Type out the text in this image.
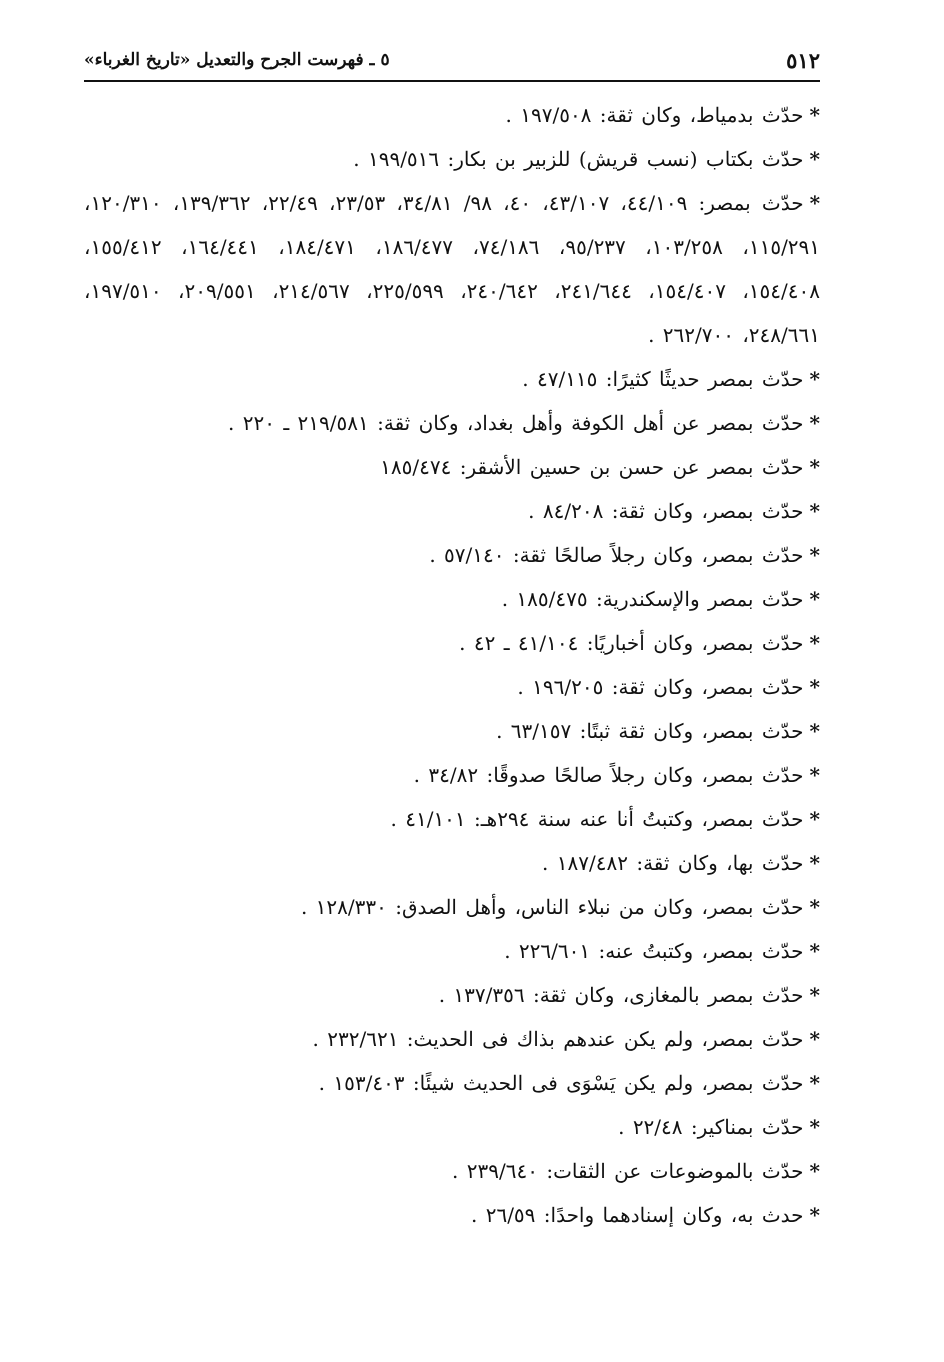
٥١٢
٥ ـ فهرست الجرح والتعديل «تاريخ الغرباء»
*حدّث بدمياط، وكان ثقة: ١٩٧/٥٠٨ .
*حدّث بكتاب (نسب قريش) للزبير بن بكار: ١٩٩/٥١٦ .
*حدّث بمصر: ٤٤/١٠٩، ٤٣/١٠٧، ٤٠، ٩٨/ ٣٤/٨١، ٢٣/٥٣، ٢٢/٤٩، ١٣٩/٣٦٢، ١٢٠/٣١٠، ١١٥/٢٩١، ١٠٣/٢٥٨، ٩٥/٢٣٧، ٧٤/١٨٦، ١٨٦/٤٧٧، ١٨٤/٤٧١، ١٦٤/٤٤١، ١٥٥/٤١٢، ١٥٤/٤٠٨، ١٥٤/٤٠٧، ٢٤١/٦٤٤، ٢٤٠/٦٤٢، ٢٢٥/٥٩٩، ٢١٤/٥٦٧، ٢٠٩/٥٥١، ١٩٧/٥١٠، ٢٤٨/٦٦١، ٢٦٢/٧٠٠ .
*حدّث بمصر حديثًا كثيرًا: ٤٧/١١٥ .
*حدّث بمصر عن أهل الكوفة وأهل بغداد، وكان ثقة: ٢١٩/٥٨١ ـ ٢٢٠ .
*حدّث بمصر عن حسن بن حسين الأشقر: ١٨٥/٤٧٤
*حدّث بمصر، وكان ثقة: ٨٤/٢٠٨ .
*حدّث بمصر، وكان رجلاً صالحًا ثقة: ٥٧/١٤٠ .
*حدّث بمصر والإسكندرية: ١٨٥/٤٧٥ .
*حدّث بمصر، وكان أخباريًا: ٤١/١٠٤ ـ ٤٢ .
*حدّث بمصر، وكان ثقة: ١٩٦/٢٠٥ .
*حدّث بمصر، وكان ثقة ثبتًا: ٦٣/١٥٧ .
*حدّث بمصر، وكان رجلاً صالحًا صدوقًا: ٣٤/٨٢ .
*حدّث بمصر، وكتبتُ أنا عنه سنة ٢٩٤هـ: ٤١/١٠١ .
*حدّث بها، وكان ثقة: ١٨٧/٤٨٢ .
*حدّث بمصر، وكان من نبلاء الناس، وأهل الصدق: ١٢٨/٣٣٠ .
*حدّث بمصر، وكتبتُ عنه: ٢٢٦/٦٠١ .
*حدّث بمصر بالمغازى، وكان ثقة: ١٣٧/٣٥٦ .
*حدّث بمصر، ولم يكن عندهم بذاك فى الحديث: ٢٣٢/٦٢١ .
*حدّث بمصر، ولم يكن يَسْوَى فى الحديث شيئًا: ١٥٣/٤٠٣ .
*حدّث بمناكير: ٢٢/٤٨ .
*حدّث بالموضوعات عن الثقات: ٢٣٩/٦٤٠ .
*حدث به، وكان إسنادهما واحدًا: ٢٦/٥٩ .
